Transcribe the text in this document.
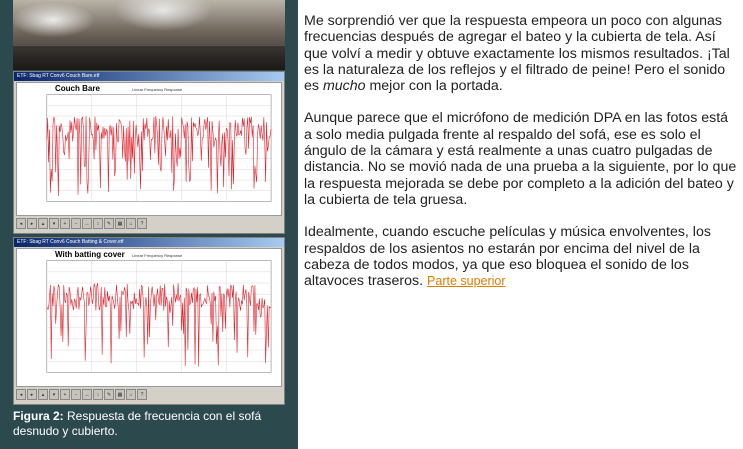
ETF: Sbag RT Conv6 Couch Bare.etf
Couch Bare	Linear Frequency Response
◂	▸	▴	▾	+	−	↔	↕	✎	▦	⌂	?
ETF: Sbag RT Conv6 Couch Batting & Cover.etf
With batting cover Linear Frequency Response
◂	▸	▴	▾	+	−	↔	↕	✎	▦	⌂	?
Figura 2: Respuesta de frecuencia con el sofá desnudo y cubierto.

Me sorprendió ver que la respuesta empeora un poco con algunas frecuencias después de agregar el bateo y la cubierta de tela. Así que volví a medir y obtuve exactamente los mismos resultados. ¡Tal es la naturaleza de los reflejos y el filtrado de peine! Pero el sonido es mucho mejor con la portada.

Aunque parece que el micrófono de medición DPA en las fotos está a solo media pulgada frente al respaldo del sofá, ese es solo el ángulo de la cámara y está realmente a unas cuatro pulgadas de distancia. No se movió nada de una prueba a la siguiente, por lo que la respuesta mejorada se debe por completo a la adición del bateo y la cubierta de tela gruesa.

Idealmente, cuando escuche películas y música envolventes, los respaldos de los asientos no estarán por encima del nivel de la cabeza de todos modos, ya que eso bloquea el sonido de los altavoces traseros. Parte superior
